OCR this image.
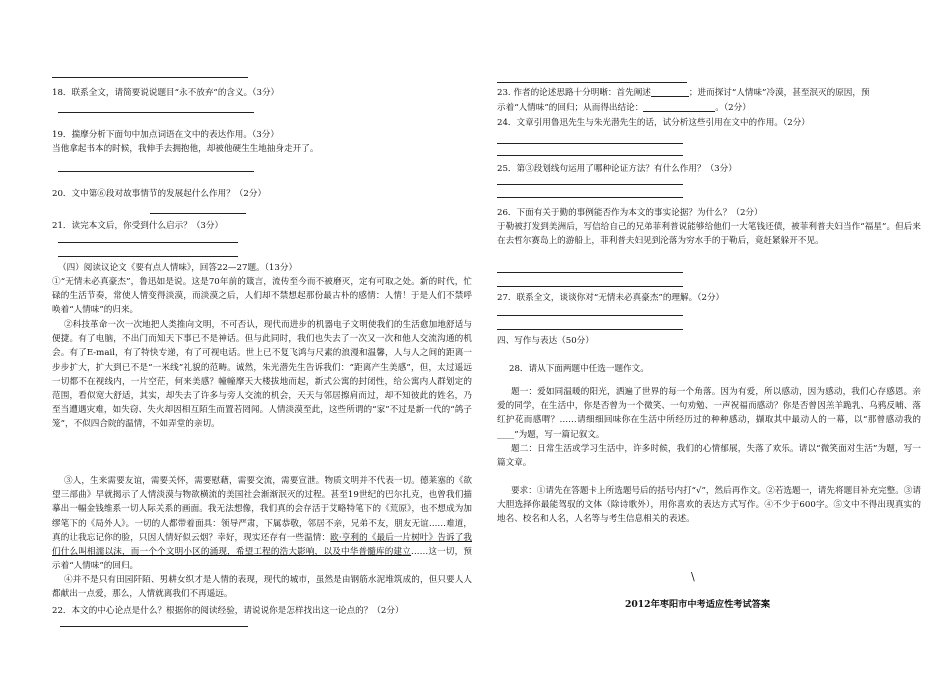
18．联系全文，请简要说说题目“永不放弃”的含义。（3分）
19．揣摩分析下面句中加点词语在文中的表达作用。（3分）
当他拿起书本的时候，我伸手去拥抱他，却被他硬生生地抽身走开了。
20．文中第⑥段对故事情节的发展起什么作用？（2分）
21．读完本文后，你受到什么启示？（3分）
（四）阅读议论文《要有点人情味》，回答22—27题。（13分）
①“无情未必真豪杰”，鲁迅如是说。这是70年前的箴言，流传至今而不被磨灭，定有可取之处。新的时代，忙碌的生活节奏，常使人情变得淡漠，而淡漠之后，人们却不禁想起那份最古朴的感情：人情！于是人们不禁呼唤着“人情味”的归来。
②科技革命一次一次地把人类推向文明，不可否认，现代而进步的机器电子文明使我们的生活愈加地舒适与便捷。有了电脑，不出门而知天下事已不是神话。但与此同时，我们也失去了一次又一次和他人交流沟通的机会。有了E-mail，有了特快专递，有了可视电话。世上已不复飞鸿与尺素的浪漫和温馨，人与人之间的距离一步步扩大，扩大到已不是“一米线”礼貌的范畴。诚然，朱光潜先生告诉我们：“距离产生美感”，但，太过遥远一切都不在视线内，一片空茫，何来美感？幢幢摩天大楼拔地而起，新式公寓的封闭性，给公寓内人群划定的范围，看似宽大舒适，其实，却失去了许多与旁人交流的机会，天天与邻居擦肩而过，却不知彼此的姓名，乃至当遭遇灾难，如失窃、失火却因相互陌生而置若罔闻。人情淡漠至此，这些所谓的“家”不过是新一代的“鸽子笼”，不似四合院的温情，不如弄堂的亲切。
③人，生来需要友谊，需要关怀，需要慰藉，需要交流，需要宣泄。物质文明并不代表一切。德莱塞的《欲望三部曲》早就揭示了人情淡漠与物欲横流的美国社会渐渐泯灭的过程。甚至19世纪的巴尔扎克，也曾我们描摹出一幅金钱维系一切人际关系的画面。我无法想像，我们真的会存活于艾略特笔下的《荒原》，也不想成为加缪笔下的《局外人》。一切的人都带着面具：领导严肃，下属恭敬，邻居不亲，兄弟不友，朋友无谊……难道，真的让我忘记你的脸，只因人情好似云烟？幸好，现实还存有一些温情：欧·亨利的《最后一片树叶》告诉了我们什么叫相濡以沫，而一个个文明小区的涌现，希望工程的浩大影响，以及中华普髓库的建立……这一切，预示着“人情味”的回归。
④并不是只有田园阡陌、男耕女织才是人情的表现，现代的城市，虽然是由钢筋水泥堆筑成的，但只要人人都献出一点爱，那么，人情就离我们不再遥远。
22．本文的中心论点是什么？根据你的阅读经验，请说说你是怎样找出这一论点的？（2分）
23. 作者的论述思路十分明晰：首先阐述	；进而探讨“人情味”冷漠，甚至泯灭的原因，预
示着“人情味”的回归；从而得出结论：	。（2分）
24．文章引用鲁迅先生与朱光潜先生的话，试分析这些引用在文中的作用。（2分）
25．第③段划线句运用了哪种论证方法？有什么作用？（3分）
26．下面有关于勤的事例能否作为本文的事实论据？为什么？（2分）
于勒被打发到美洲后，写信给自己的兄弟菲利普说能够给他们一大笔钱还债，被菲利普夫妇当作“福星”。但后来在去哲尔赛岛上的游船上，菲利普夫妇见到沦落为穷水手的于勒后，竟赶紧躲开不见。
27．联系全文，谈谈你对“无情未必真豪杰”的理解。（2分）
四、写作与表达（50分）
28．请从下面两题中任选一题作文。
题一：爱如同温暖的阳光，洒遍了世界的每一个角落。因为有爱，所以感动，因为感动，我们心存感恩。亲爱的同学，在生活中，你是否曾为一个微笑、一句劝勉、一声祝福而感动？你是否曾因羔羊跪乳、乌鸦反哺、落红护花而感喟？……请细细回味你在生活中所经历过的种种感动，撷取其中最动人的一幕，以“那曾感动我的____”为题，写一篇记叙文。
题二：日常生活或学习生活中，许多时候，我们的心情郁展，失落了欢乐。请以“微笑面对生活”为题，写一篇文章。
要求：①请先在答题卡上所选题号后的括号内打“√”，然后再作文。②若选题一，请先将题目补充完整。③请大胆选择你最能驾驭的文体（除诗歌外），用你喜欢的表达方式写作。④不少于600字。⑤文中不得出现真实的地名、校名和人名，人名等与考生信息相关的表述。
\
2012年枣阳市中考适应性考试答案
